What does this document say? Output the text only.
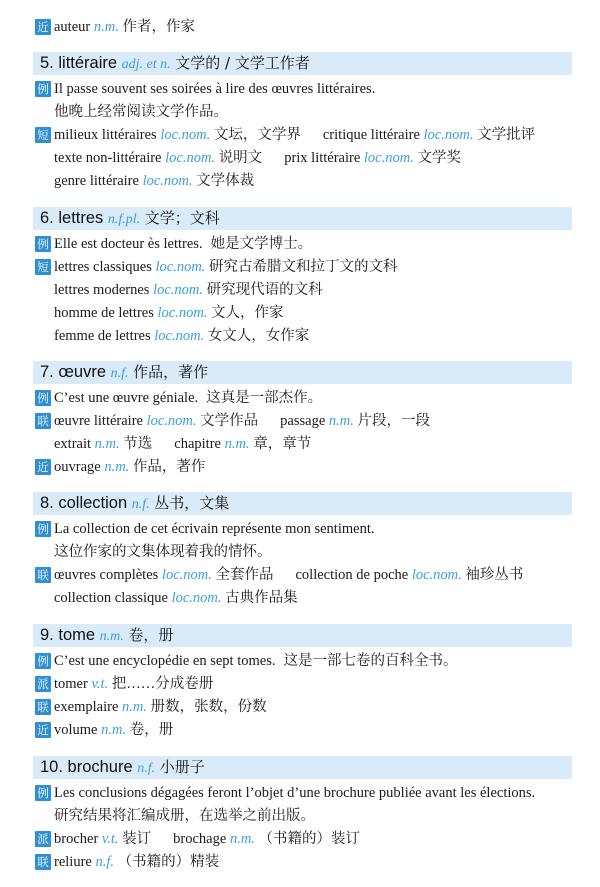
近 auteur n.m. 作者，作家
5. littéraire adj. et n. 文学的 / 文学工作者
例 Il passe souvent ses soirées à lire des œuvres littéraires.
他晚上经常阅读文学作品。
短 milieux littéraires loc.nom. 文坛，文学界 critique littéraire loc.nom. 文学批评
texte non-littéraire loc.nom. 说明文 prix littéraire loc.nom. 文学奖
genre littéraire loc.nom. 文学体裁
6. lettres n.f.pl. 文学；文科
例 Elle est docteur ès lettres. 她是文学博士。
短 lettres classiques loc.nom. 研究古希腊文和拉丁文的文科
lettres modernes loc.nom. 研究现代语的文科
homme de lettres loc.nom. 文人，作家
femme de lettres loc.nom. 女文人，女作家
7. œuvre n.f. 作品，著作
例 C’est une œuvre géniale. 这真是一部杰作。
联 œuvre littéraire loc.nom. 文学作品 passage n.m. 片段，一段
extrait n.m. 节选 chapitre n.m. 章，章节
近 ouvrage n.m. 作品，著作
8. collection n.f. 丛书，文集
例 La collection de cet écrivain représente mon sentiment.
这位作家的文集体现着我的情怀。
联 œuvres complètes loc.nom. 全套作品 collection de poche loc.nom. 袖珍丛书
collection classique loc.nom. 古典作品集
9. tome n.m. 卷，册
例 C’est une encyclopédie en sept tomes. 这是一部七卷的百科全书。
派 tomer v.t. 把……分成卷册
联 exemplaire n.m. 册数，张数，份数
近 volume n.m. 卷，册
10. brochure n.f. 小册子
例 Les conclusions dégagées feront l’objet d’une brochure publiée avant les élections.
研究结果将汇编成册，在选举之前出版。
派 brocher v.t. 装订 brochage n.m. （书籍的）装订
联 reliure n.f. （书籍的）精装
